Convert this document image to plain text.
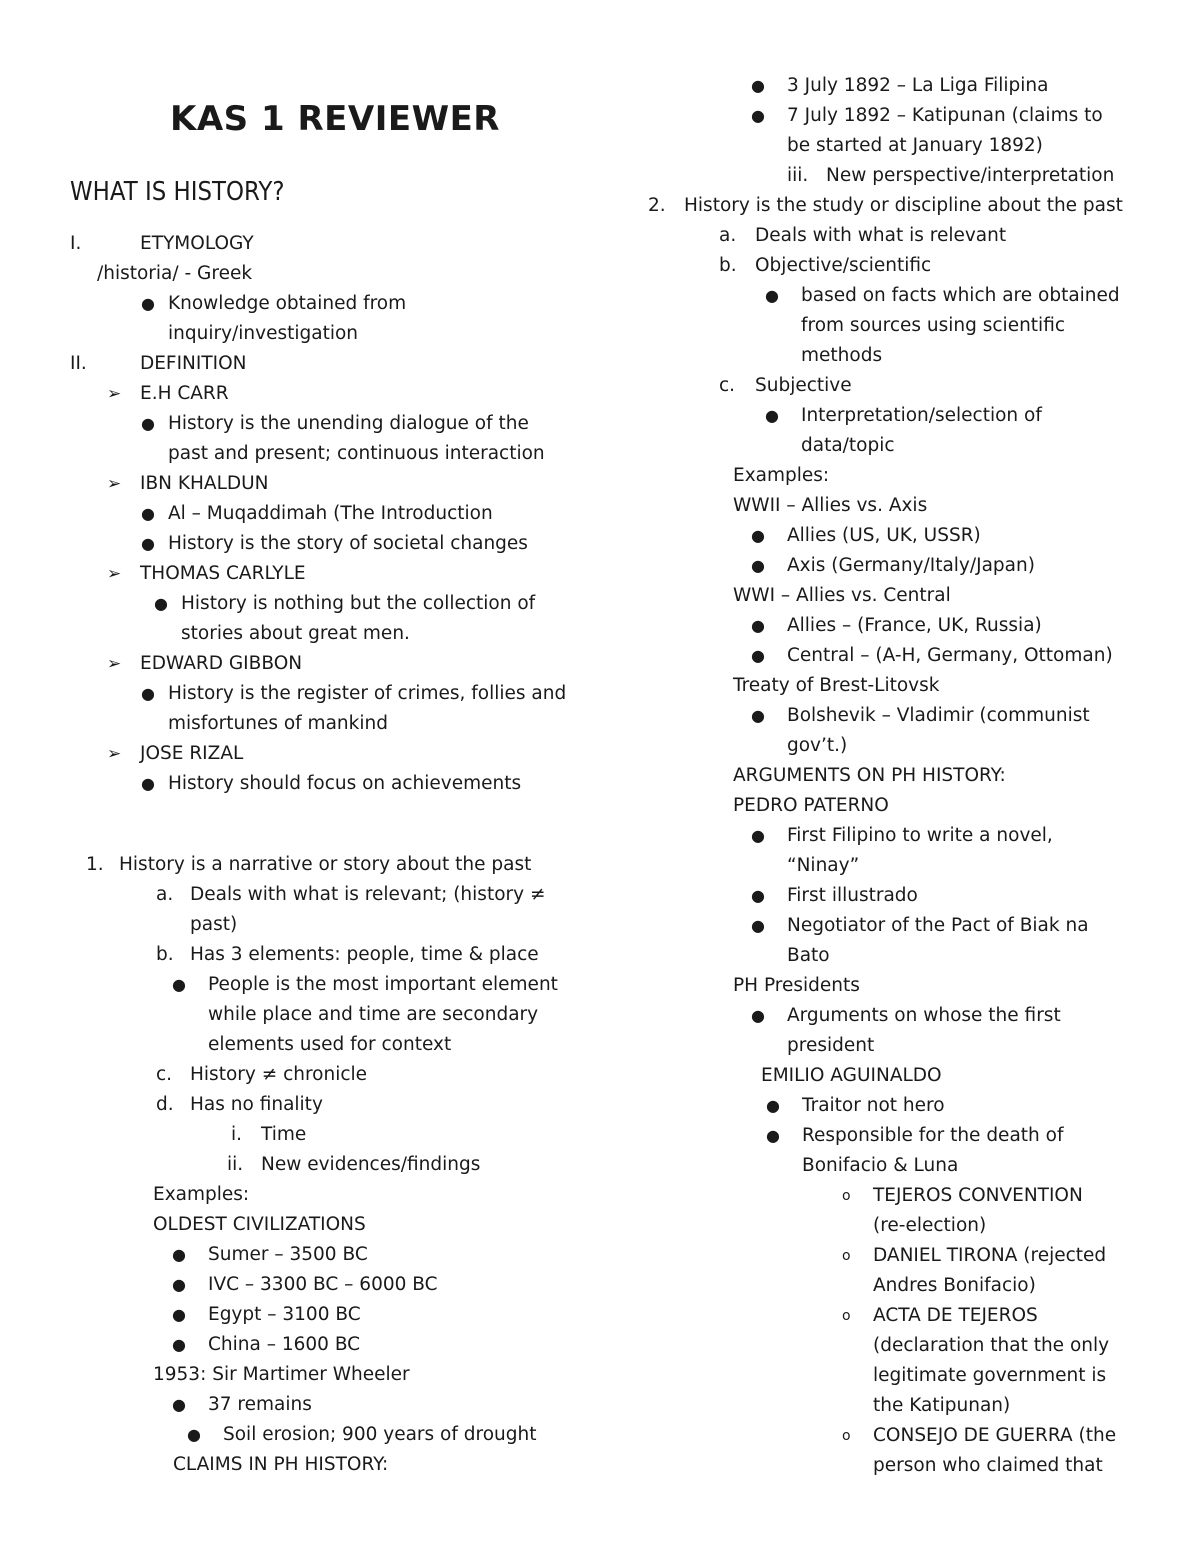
KAS 1 REVIEWER
WHAT IS HISTORY?
I.	ETYMOLOGY
/historia/ - Greek
● Knowledge obtained from
inquiry/investigation
II.	DEFINITION
➢ E.H CARR
● History is the unending dialogue of the
past and present; continuous interaction
➢ IBN KHALDUN
● Al – Muqaddimah (The Introduction
● History is the story of societal changes
➢ THOMAS CARLYLE
● History is nothing but the collection of
stories about great men.
➢ EDWARD GIBBON
● History is the register of crimes, follies and
misfortunes of mankind
➢ JOSE RIZAL
● History should focus on achievements
1. History is a narrative or story about the past
a. Deals with what is relevant; (history ≠
past)
b. Has 3 elements: people, time & place
● People is the most important element
while place and time are secondary
elements used for context
c. History ≠ chronicle
d. Has no finality
i. Time
ii. New evidences/findings
Examples:
OLDEST CIVILIZATIONS
● Sumer – 3500 BC
● IVC – 3300 BC – 6000 BC
● Egypt – 3100 BC
● China – 1600 BC
1953: Sir Martimer Wheeler
● 37 remains
● Soil erosion; 900 years of drought
CLAIMS IN PH HISTORY:
● 3 July 1892 – La Liga Filipina
● 7 July 1892 – Katipunan (claims to
be started at January 1892)
iii. New perspective/interpretation
2. History is the study or discipline about the past
a. Deals with what is relevant
b. Objective/scientific
● based on facts which are obtained
from sources using scientific
methods
c. Subjective
● Interpretation/selection of
data/topic
Examples:
WWII – Allies vs. Axis
● Allies (US, UK, USSR)
● Axis (Germany/Italy/Japan)
WWI – Allies vs. Central
● Allies – (France, UK, Russia)
● Central – (A-H, Germany, Ottoman)
Treaty of Brest-Litovsk
● Bolshevik – Vladimir (communist
gov’t.)
ARGUMENTS ON PH HISTORY:
PEDRO PATERNO
● First Filipino to write a novel,
“Ninay”
● First illustrado
● Negotiator of the Pact of Biak na
Bato
PH Presidents
● Arguments on whose the first
president
EMILIO AGUINALDO
● Traitor not hero
● Responsible for the death of
Bonifacio & Luna
o TEJEROS CONVENTION
(re-election)
o DANIEL TIRONA (rejected
Andres Bonifacio)
o ACTA DE TEJEROS
(declaration that the only
legitimate government is
the Katipunan)
o CONSEJO DE GUERRA (the
person who claimed that
